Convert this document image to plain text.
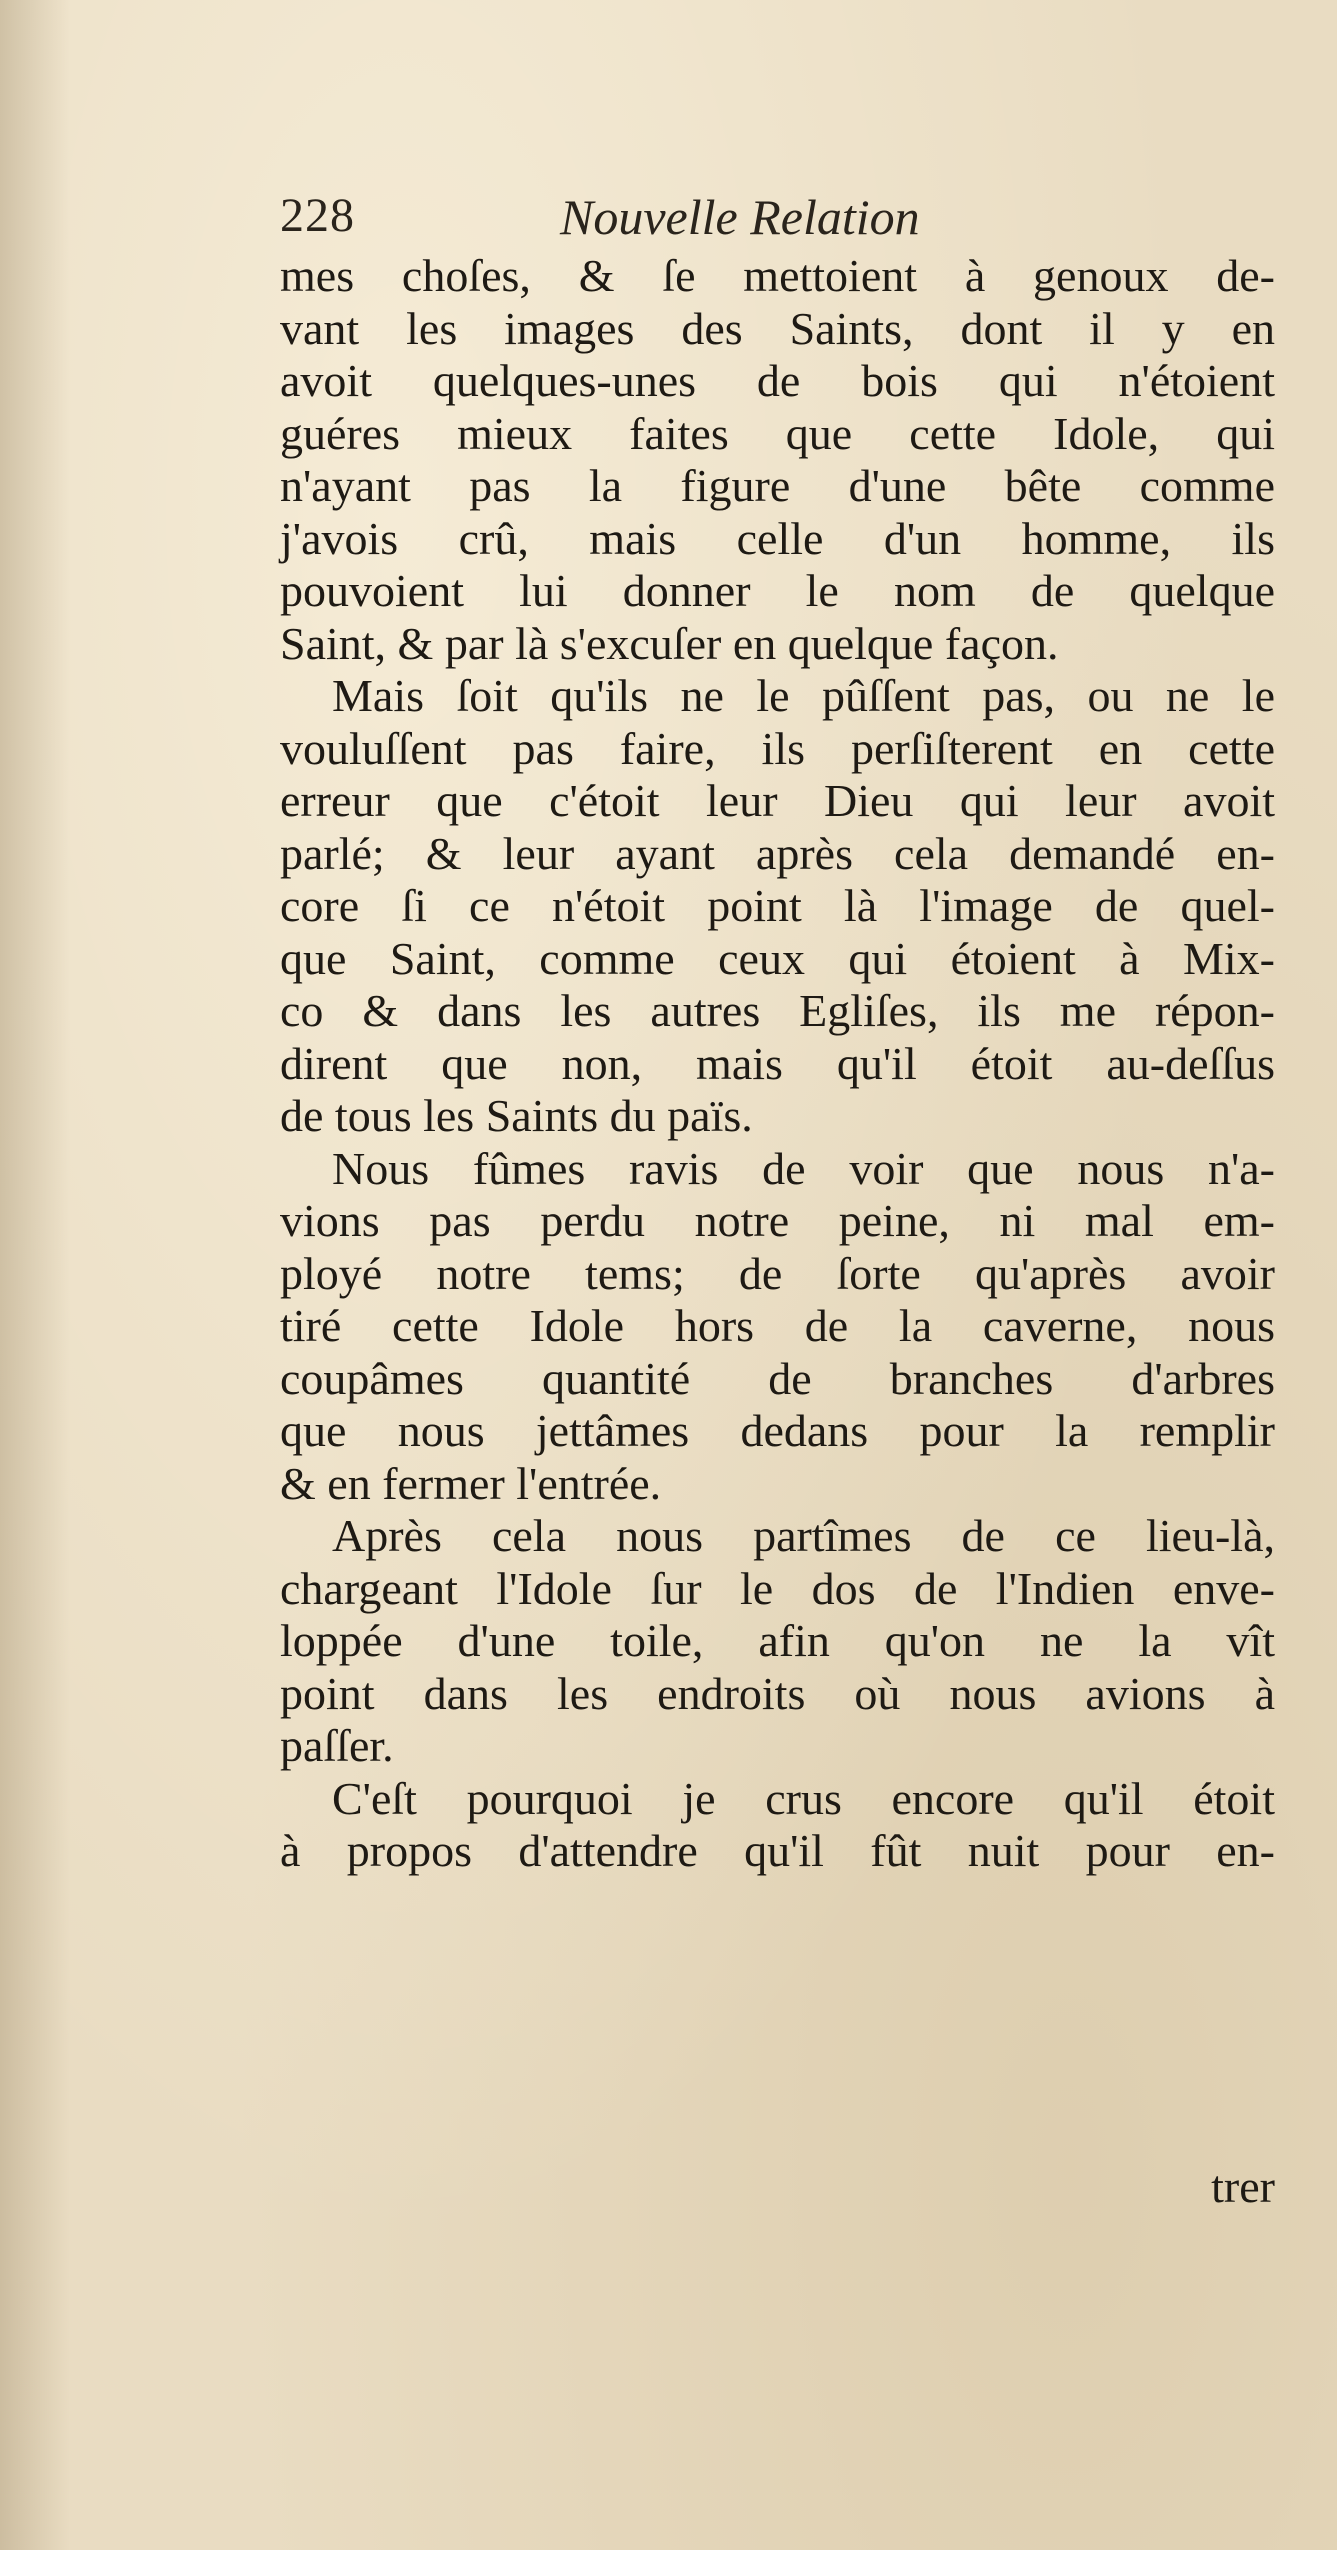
228	Nouvelle Relation
mes choſes, & ſe mettoient à genoux de-
vant les images des Saints, dont il y en
avoit quelques-unes de bois qui n'étoient
guéres mieux faites que cette Idole, qui
n'ayant pas la figure d'une bête comme
j'avois crû, mais celle d'un homme, ils
pouvoient lui donner le nom de quelque
Saint, & par là s'excuſer en quelque façon.
Mais ſoit qu'ils ne le pûſſent pas, ou ne le
vouluſſent pas faire, ils perſiſterent en cette
erreur que c'étoit leur Dieu qui leur avoit
parlé; & leur ayant après cela demandé en-
core ſi ce n'étoit point là l'image de quel-
que Saint, comme ceux qui étoient à Mix-
co & dans les autres Egliſes, ils me répon-
dirent que non, mais qu'il étoit au-deſſus
de tous les Saints du païs.
Nous fûmes ravis de voir que nous n'a-
vions pas perdu notre peine, ni mal em-
ployé notre tems; de ſorte qu'après avoir
tiré cette Idole hors de la caverne, nous
coupâmes quantité de branches d'arbres
que nous jettâmes dedans pour la remplir
& en fermer l'entrée.
Après cela nous partîmes de ce lieu-là,
chargeant l'Idole ſur le dos de l'Indien enve-
loppée d'une toile, afin qu'on ne la vît
point dans les endroits où nous avions à
paſſer.
C'eſt pourquoi je crus encore qu'il étoit
à propos d'attendre qu'il fût nuit pour en-
trer
